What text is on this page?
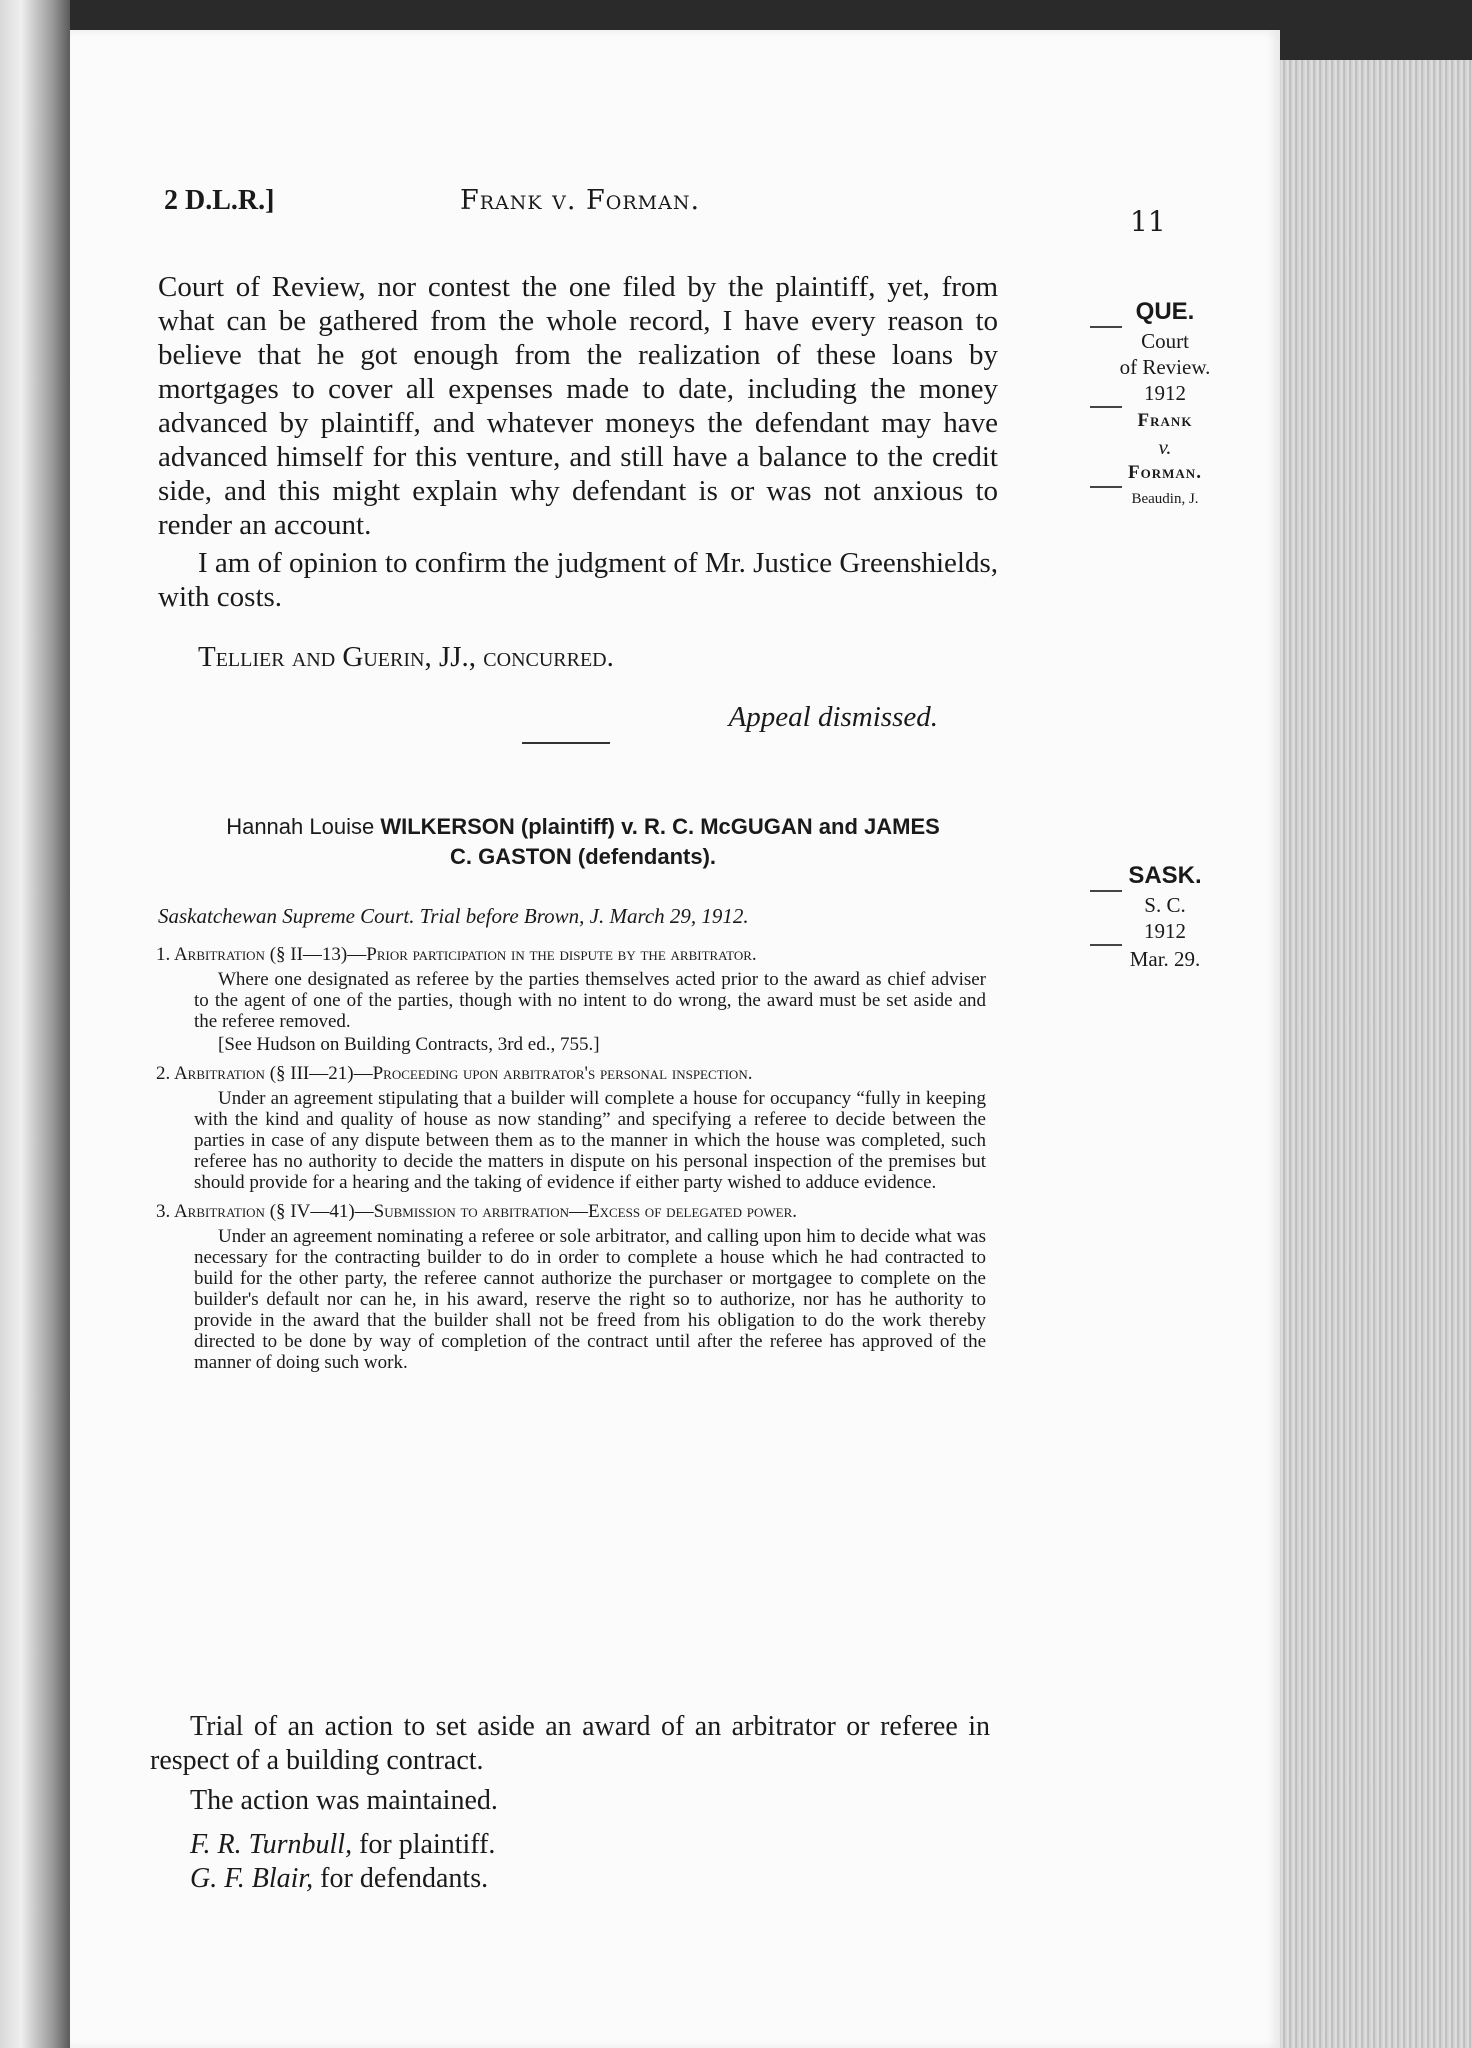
2 D.L.R.]	Frank v. Forman.
11

Court of Review, nor contest the one filed by the plaintiff, yet, from what can be gathered from the whole record, I have every reason to believe that he got enough from the realization of these loans by mortgages to cover all expenses made to date, including the money advanced by plaintiff, and whatever moneys the defendant may have advanced himself for this venture, and still have a balance to the credit side, and this might explain why defendant is or was not anxious to render an account.

I am of opinion to confirm the judgment of Mr. Justice Greenshields, with costs.

Tellier and Guerin, JJ., concurred.

Appeal dismissed.

QUE.
Court
of Review.
1912
Frank
v.
Forman.
Beaudin, J.
Hannah Louise WILKERSON (plaintiff) v. R. C. McGUGAN and JAMES
C. GASTON (defendants).
Saskatchewan Supreme Court. Trial before Brown, J. March 29, 1912.
1. Arbitration (§ II—13)—Prior participation in the dispute by the arbitrator.
Where one designated as referee by the parties themselves acted prior to the award as chief adviser to the agent of one of the parties, though with no intent to do wrong, the award must be set aside and the referee removed.
[See Hudson on Building Contracts, 3rd ed., 755.]
2. Arbitration (§ III—21)—Proceeding upon arbitrator's personal inspection.
Under an agreement stipulating that a builder will complete a house for occupancy “fully in keeping with the kind and quality of house as now standing” and specifying a referee to decide between the parties in case of any dispute between them as to the manner in which the house was completed, such referee has no authority to decide the matters in dispute on his personal inspection of the premises but should provide for a hearing and the taking of evidence if either party wished to adduce evidence.
3. Arbitration (§ IV—41)—Submission to arbitration—Excess of delegated power.
Under an agreement nominating a referee or sole arbitrator, and calling upon him to decide what was necessary for the contracting builder to do in order to complete a house which he had contracted to build for the other party, the referee cannot authorize the purchaser or mortgagee to complete on the builder's default nor can he, in his award, reserve the right so to authorize, nor has he authority to provide in the award that the builder shall not be freed from his obligation to do the work thereby directed to be done by way of completion of the contract until after the referee has approved of the manner of doing such work.

Trial of an action to set aside an award of an arbitrator or referee in respect of a building contract.

The action was maintained.

F. R. Turnbull, for plaintiff.

G. F. Blair, for defendants.

SASK.
S. C.
1912
Mar. 29.
